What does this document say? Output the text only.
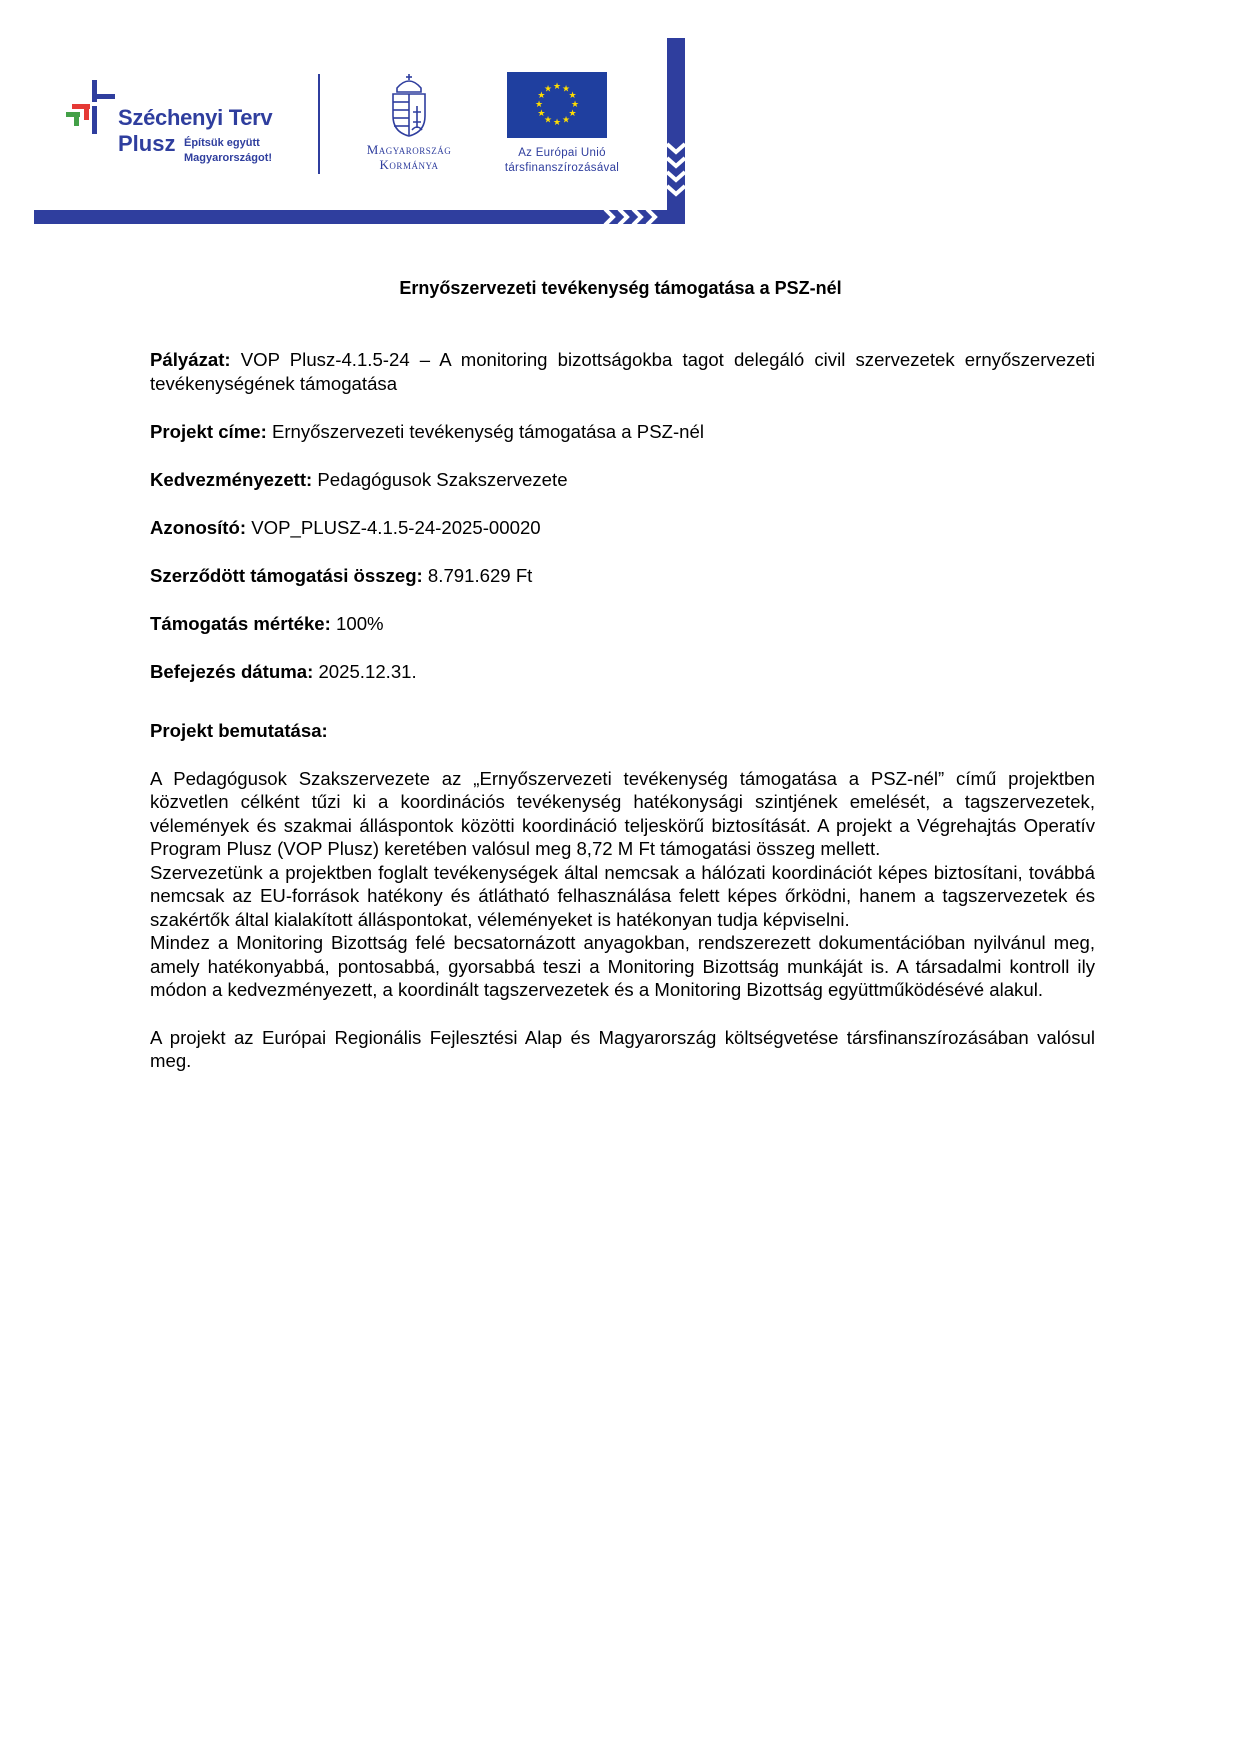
Széchenyi Terv
Plusz Építsük együtt
Magyarországot!
Magyarország
Kormánya
★ ★
★
★
★
★
★
★
★
★
★
★
Az Európai Unió
társfinanszírozásával
Ernyőszervezeti tevékenység támogatása a PSZ-nél

Pályázat: VOP Plusz-4.1.5-24 – A monitoring bizottságokba tagot delegáló civil szervezetek ernyőszervezeti tevékenységének támogatása

Projekt címe: Ernyőszervezeti tevékenység támogatása a PSZ-nél

Kedvezményezett: Pedagógusok Szakszervezete

Azonosító: VOP_PLUSZ-4.1.5-24-2025-00020

Szerződött támogatási összeg: 8.791.629 Ft

Támogatás mértéke: 100%

Befejezés dátuma: 2025.12.31.

Projekt bemutatása:

A Pedagógusok Szakszervezete az „Ernyőszervezeti tevékenység támogatása a PSZ-nél” című projektben közvetlen célként tűzi ki a koordinációs tevékenység hatékonysági szintjének emelését, a tagszervezetek, vélemények és szakmai álláspontok közötti koordináció teljeskörű biztosítását. A projekt a Végrehajtás Operatív Program Plusz (VOP Plusz) keretében valósul meg 8,72 M Ft támogatási összeg mellett.

Szervezetünk a projektben foglalt tevékenységek által nemcsak a hálózati koordinációt képes biztosítani, továbbá nemcsak az EU-források hatékony és átlátható felhasználása felett képes őrködni, hanem a tagszervezetek és szakértők által kialakított álláspontokat, véleményeket is hatékonyan tudja képviselni.

Mindez a Monitoring Bizottság felé becsatornázott anyagokban, rendszerezett dokumentációban nyilvánul meg, amely hatékonyabbá, pontosabbá, gyorsabbá teszi a Monitoring Bizottság munkáját is. A társadalmi kontroll ily módon a kedvezményezett, a koordinált tagszervezetek és a Monitoring Bizottság együttműködésévé alakul.

A projekt az Európai Regionális Fejlesztési Alap és Magyarország költségvetése társfinanszírozásában valósul meg.
